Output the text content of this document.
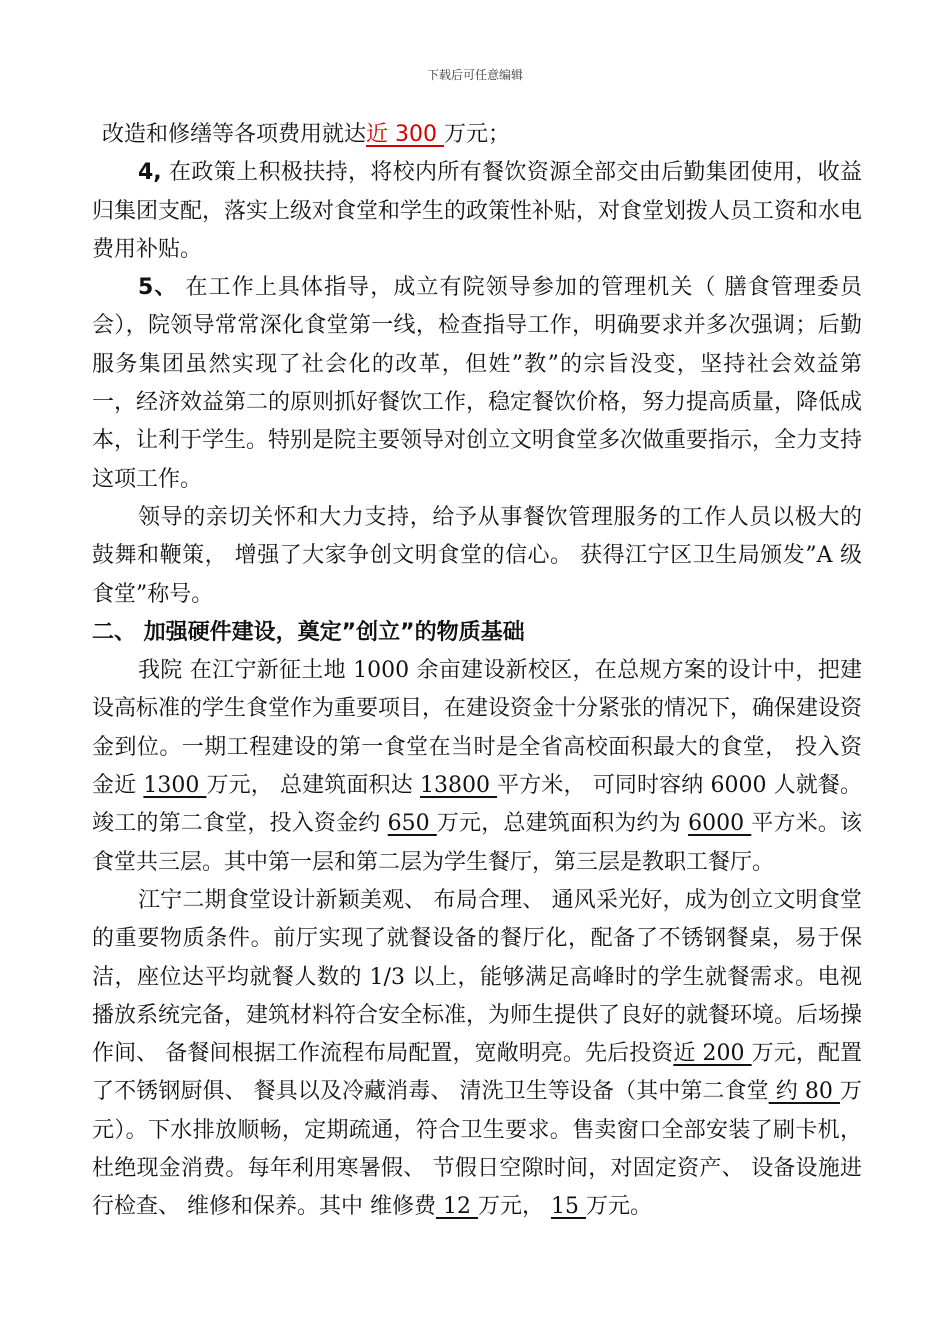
下载后可任意编辑

改造和修缮等各项费用就达近 300 万元；

4, 在政策上积极扶持，将校内所有餐饮资源全部交由后勤集团使用，收益归集团支配，落实上级对食堂和学生的政策性补贴，对食堂划拨人员工资和水电费用补贴。

5、 在工作上具体指导，成立有院领导参加的管理机关（ 膳食管理委员会），院领导常常深化食堂第一线，检查指导工作，明确要求并多次强调；后勤服务集团虽然实现了社会化的改革，但姓”教”的宗旨没变，坚持社会效益第一，经济效益第二的原则抓好餐饮工作，稳定餐饮价格，努力提高质量，降低成本，让利于学生。特别是院主要领导对创立文明食堂多次做重要指示，全力支持这项工作。

领导的亲切关怀和大力支持，给予从事餐饮管理服务的工作人员以极大的鼓舞和鞭策， 增强了大家争创文明食堂的信心。 获得江宁区卫生局颁发”A 级食堂”称号。

二、 加强硬件建设，奠定”创立”的物质基础

我院 在江宁新征土地 1000 余亩建设新校区，在总规方案的设计中，把建设高标准的学生食堂作为重要项目，在建设资金十分紧张的情况下，确保建设资金到位。一期工程建设的第一食堂在当时是全省高校面积最大的食堂， 投入资金近 1300 万元， 总建筑面积达 13800 平方米， 可同时容纳 6000 人就餐。 竣工的第二食堂，投入资金约 650 万元，总建筑面积为约为 6000 平方米。该食堂共三层。其中第一层和第二层为学生餐厅，第三层是教职工餐厅。

江宁二期食堂设计新颖美观、 布局合理、 通风采光好，成为创立文明食堂的重要物质条件。前厅实现了就餐设备的餐厅化，配备了不锈钢餐桌，易于保洁，座位达平均就餐人数的 1/3 以上，能够满足高峰时的学生就餐需求。电视播放系统完备，建筑材料符合安全标准，为师生提供了良好的就餐环境。后场操作间、 备餐间根据工作流程布局配置，宽敞明亮。先后投资近 200 万元，配置了不锈钢厨俱、 餐具以及冷藏消毒、 清洗卫生等设备（其中第二食堂 约 80 万元）。下水排放顺畅，定期疏通，符合卫生要求。售卖窗口全部安装了刷卡机，杜绝现金消费。每年利用寒暑假、 节假日空隙时间，对固定资产、 设备设施进行检查、 维修和保养。其中 维修费 12 万元， 15 万元。
